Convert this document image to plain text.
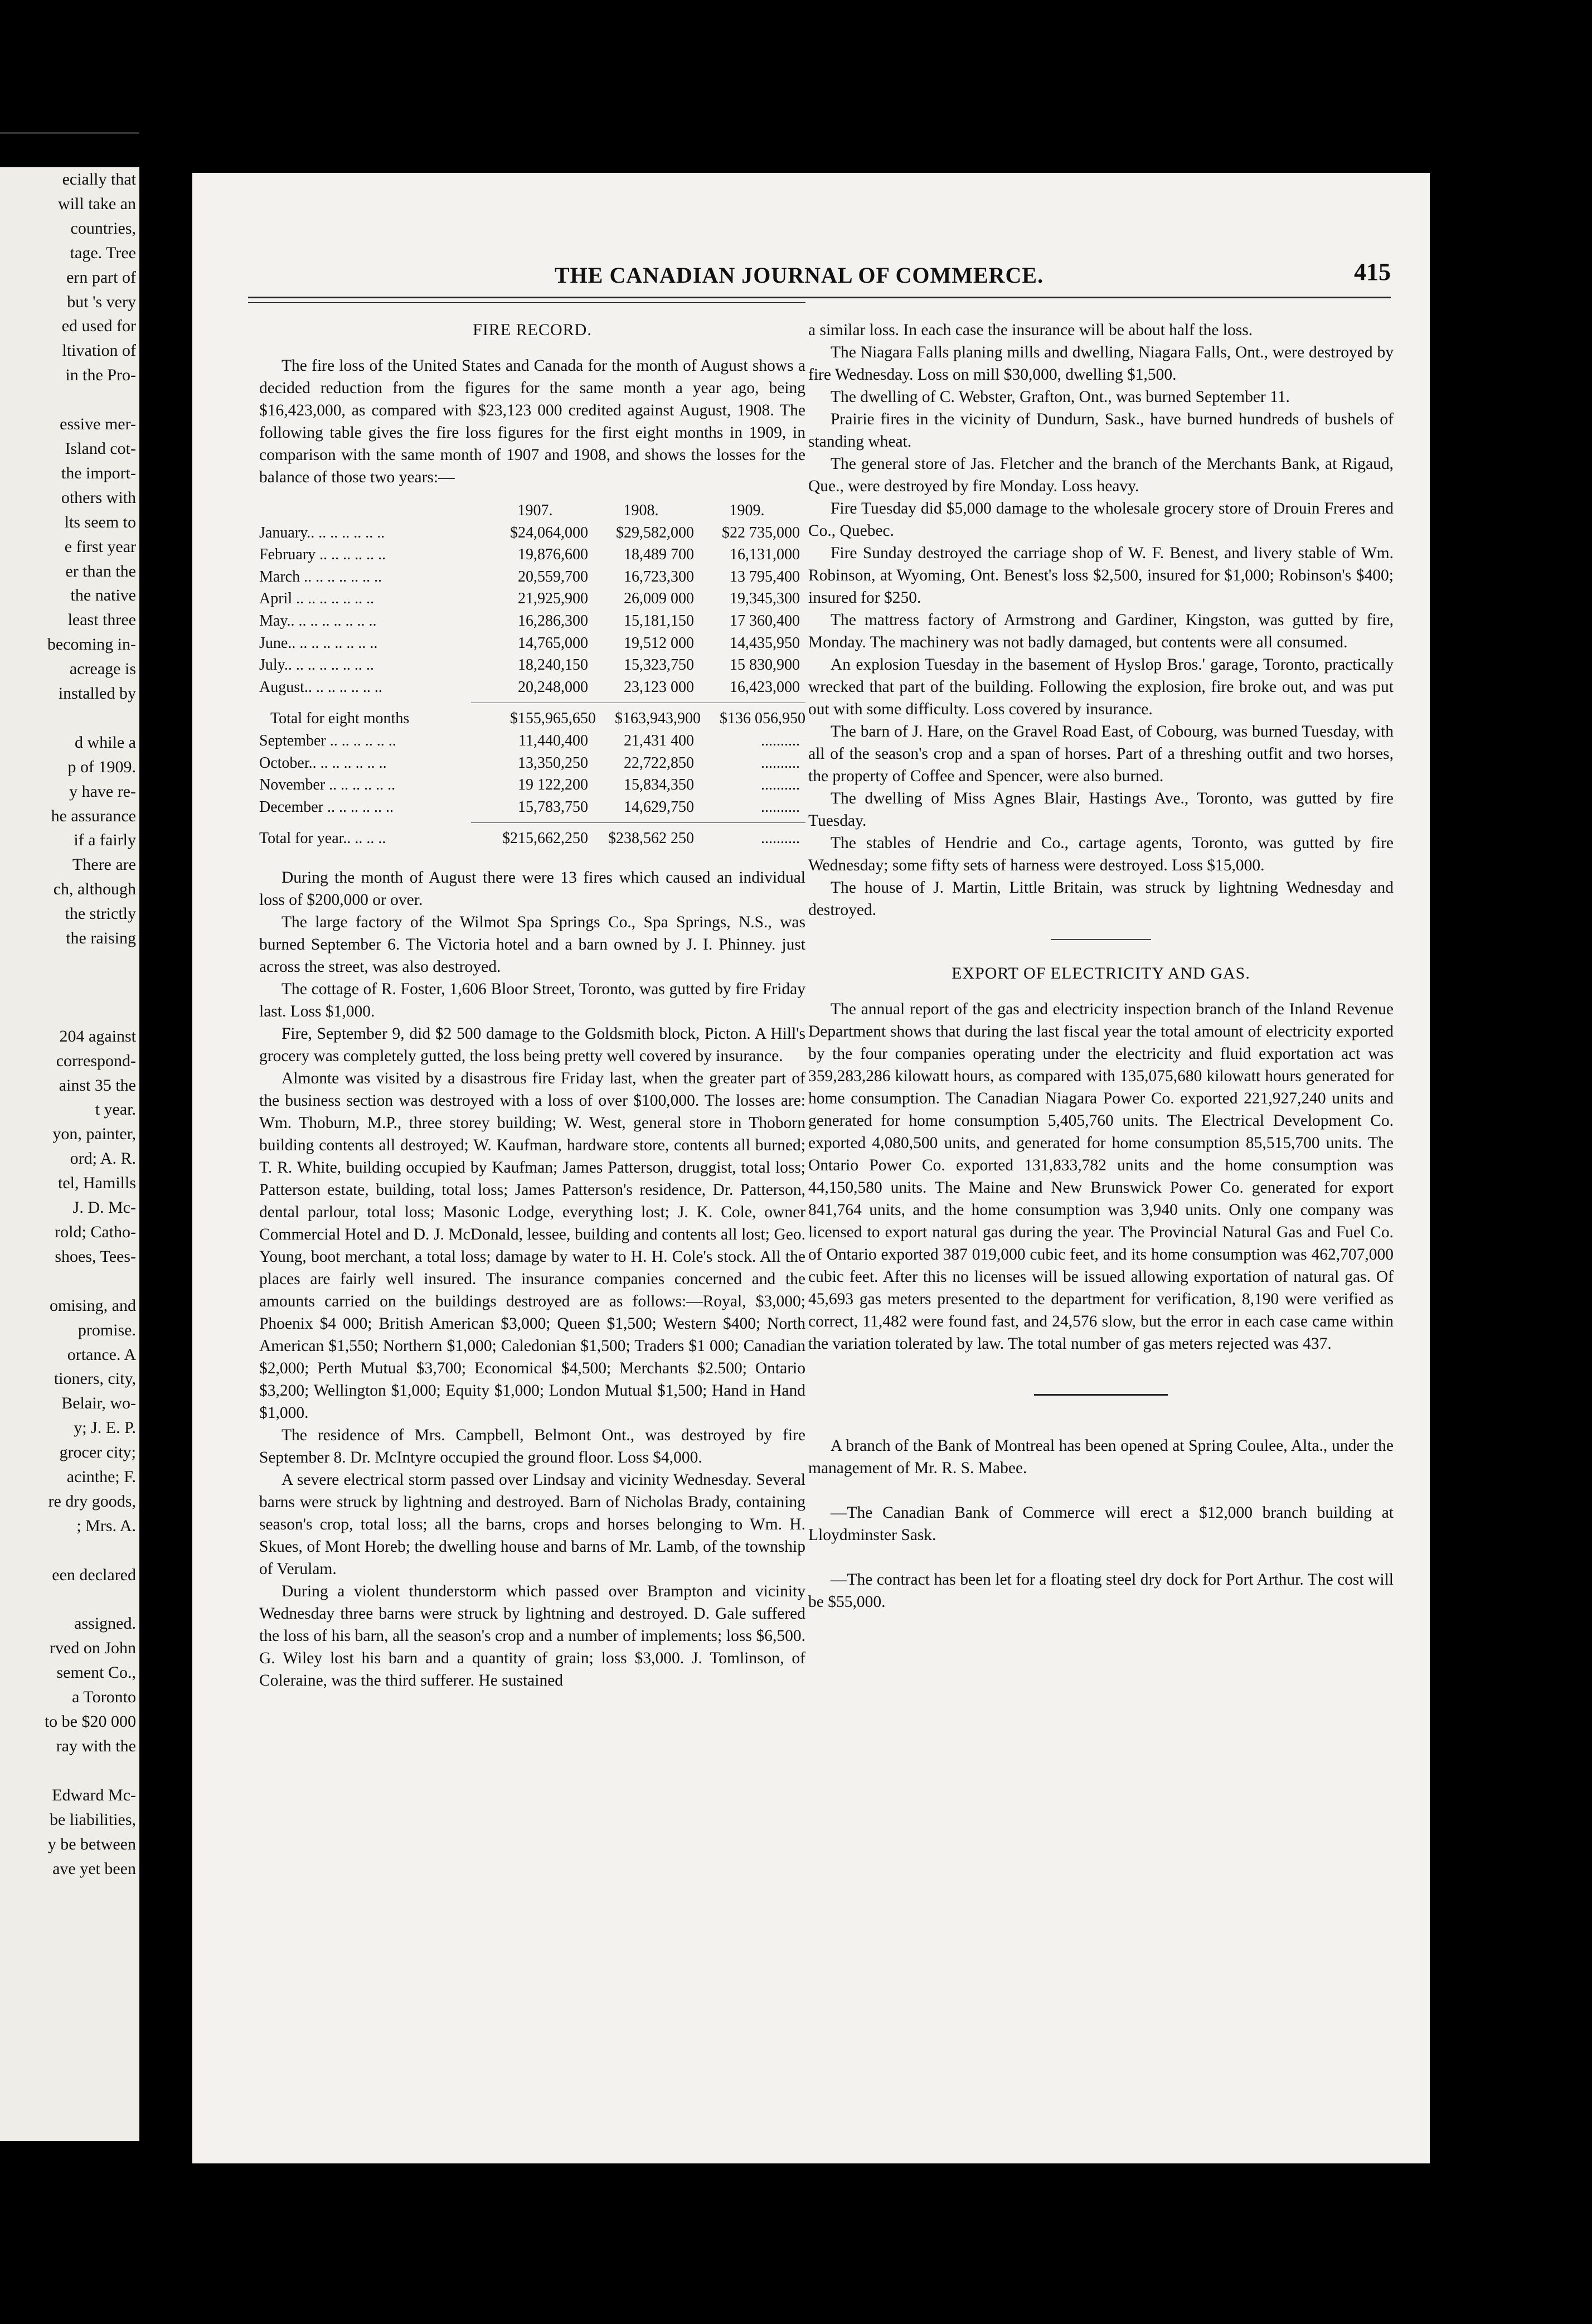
ecially that

will take an

countries,

tage. Tree

ern part of

but 's very

ed used for

ltivation of

in the Pro-

essive mer-

Island cot-

the import-

others with

lts seem to

e first year

er than the

the native

least three

becoming in-

acreage is

installed by

d while a

p of 1909.

y have re-

he assurance

if a fairly

There are

ch, although

the strictly

the raising

204 against

correspond-

ainst 35 the

t year.

yon, painter,

ord; A. R.

tel, Hamills

J. D. Mc-

rold; Catho-

shoes, Tees-

omising, and

promise.

ortance. A

tioners, city,

Belair, wo-

y; J. E. P.

grocer city;

acinthe; F.

re dry goods,

; Mrs. A.

een declared

assigned.

rved on John

sement Co.,

a Toronto

to be $20 000

ray with the

Edward Mc-

be liabilities,

y be between

ave yet been

THE CANADIAN JOURNAL OF COMMERCE.	415

FIRE RECORD.

The fire loss of the United States and Canada for the month of August shows a decided reduction from the figures for the same month a year ago, being $16,423,000, as compared with $23,123 000 credited against August, 1908. The following table gives the fire loss figures for the first eight months in 1909, in comparison with the same month of 1907 and 1908, and shows the losses for the balance of those two years:—

1907.	1908.	1909.
January.. .. .. .. .. .. ..	$24,064,000	$29,582,000	$22 735,000
February .. .. .. .. .. ..	19,876,600	18,489 700	16,131,000
March .. .. .. .. .. .. ..	20,559,700	16,723,300	13 795,400
April .. .. .. .. .. .. ..	21,925,900	26,009 000	19,345,300
May.. .. .. .. .. .. .. ..	16,286,300	15,181,150	17 360,400
June.. .. .. .. .. .. .. ..	14,765,000	19,512 000	14,435,950
July.. .. .. .. .. .. .. ..	18,240,150	15,323,750	15 830,900
August.. .. .. .. .. .. ..	20,248,000	23,123 000	16,423,000
Total for eight months	$155,965,650	$163,943,900	$136 056,950
September .. .. .. .. .. ..	11,440,400	21,431 400	..........
October.. .. .. .. .. .. ..	13,350,250	22,722,850	..........
November .. .. .. .. .. ..	19 122,200	15,834,350	..........
December .. .. .. .. .. ..	15,783,750	14,629,750	..........
Total for year.. .. .. ..	$215,662,250	$238,562 250	..........

During the month of August there were 13 fires which caused an individual loss of $200,000 or over.

The large factory of the Wilmot Spa Springs Co., Spa Springs, N.S., was burned September 6. The Victoria hotel and a barn owned by J. I. Phinney. just across the street, was also destroyed.

The cottage of R. Foster, 1,606 Bloor Street, Toronto, was gutted by fire Friday last. Loss $1,000.

Fire, September 9, did $2 500 damage to the Goldsmith block, Picton. A Hill's grocery was completely gutted, the loss being pretty well covered by insurance.

Almonte was visited by a disastrous fire Friday last, when the greater part of the business section was destroyed with a loss of over $100,000. The losses are: Wm. Thoburn, M.P., three storey building; W. West, general store in Thoborn building contents all destroyed; W. Kaufman, hardware store, contents all burned; T. R. White, building occupied by Kaufman; James Patterson, druggist, total loss; Patterson estate, building, total loss; James Patterson's residence, Dr. Patterson, dental parlour, total loss; Masonic Lodge, everything lost; J. K. Cole, owner Commercial Hotel and D. J. McDonald, lessee, building and contents all lost; Geo. Young, boot merchant, a total loss; damage by water to H. H. Cole's stock. All the places are fairly well insured. The insurance companies concerned and the amounts carried on the buildings destroyed are as follows:—Royal, $3,000; Phoenix $4 000; British American $3,000; Queen $1,500; Western $400; North American $1,550; Northern $1,000; Caledonian $1,500; Traders $1 000; Canadian $2,000; Perth Mutual $3,700; Economical $4,500; Merchants $2.500; Ontario $3,200; Wellington $1,000; Equity $1,000; London Mutual $1,500; Hand in Hand $1,000.

The residence of Mrs. Campbell, Belmont Ont., was destroyed by fire September 8. Dr. McIntyre occupied the ground floor. Loss $4,000.

A severe electrical storm passed over Lindsay and vicinity Wednesday. Several barns were struck by lightning and destroyed. Barn of Nicholas Brady, containing season's crop, total loss; all the barns, crops and horses belonging to Wm. H. Skues, of Mont Horeb; the dwelling house and barns of Mr. Lamb, of the township of Verulam.

During a violent thunderstorm which passed over Brampton and vicinity Wednesday three barns were struck by lightning and destroyed. D. Gale suffered the loss of his barn, all the season's crop and a number of implements; loss $6,500. G. Wiley lost his barn and a quantity of grain; loss $3,000. J. Tomlinson, of Coleraine, was the third sufferer. He sustained

a similar loss. In each case the insurance will be about half the loss.

The Niagara Falls planing mills and dwelling, Niagara Falls, Ont., were destroyed by fire Wednesday. Loss on mill $30,000, dwelling $1,500.

The dwelling of C. Webster, Grafton, Ont., was burned September 11.

Prairie fires in the vicinity of Dundurn, Sask., have burned hundreds of bushels of standing wheat.

The general store of Jas. Fletcher and the branch of the Merchants Bank, at Rigaud, Que., were destroyed by fire Monday. Loss heavy.

Fire Tuesday did $5,000 damage to the wholesale grocery store of Drouin Freres and Co., Quebec.

Fire Sunday destroyed the carriage shop of W. F. Benest, and livery stable of Wm. Robinson, at Wyoming, Ont. Benest's loss $2,500, insured for $1,000; Robinson's $400; insured for $250.

The mattress factory of Armstrong and Gardiner, Kingston, was gutted by fire, Monday. The machinery was not badly damaged, but contents were all consumed.

An explosion Tuesday in the basement of Hyslop Bros.' garage, Toronto, practically wrecked that part of the building. Following the explosion, fire broke out, and was put out with some difficulty. Loss covered by insurance.

The barn of J. Hare, on the Gravel Road East, of Cobourg, was burned Tuesday, with all of the season's crop and a span of horses. Part of a threshing outfit and two horses, the property of Coffee and Spencer, were also burned.

The dwelling of Miss Agnes Blair, Hastings Ave., Toronto, was gutted by fire Tuesday.

The stables of Hendrie and Co., cartage agents, Toronto, was gutted by fire Wednesday; some fifty sets of harness were destroyed. Loss $15,000.

The house of J. Martin, Little Britain, was struck by lightning Wednesday and destroyed.

EXPORT OF ELECTRICITY AND GAS.

The annual report of the gas and electricity inspection branch of the Inland Revenue Department shows that during the last fiscal year the total amount of electricity exported by the four companies operating under the electricity and fluid exportation act was 359,283,286 kilowatt hours, as compared with 135,075,680 kilowatt hours generated for home consumption. The Canadian Niagara Power Co. exported 221,927,240 units and generated for home consumption 5,405,760 units. The Electrical Development Co. exported 4,080,500 units, and generated for home consumption 85,515,700 units. The Ontario Power Co. exported 131,833,782 units and the home consumption was 44,150,580 units. The Maine and New Brunswick Power Co. generated for export 841,764 units, and the home consumption was 3,940 units. Only one company was licensed to export natural gas during the year. The Provincial Natural Gas and Fuel Co. of Ontario exported 387 019,000 cubic feet, and its home consumption was 462,707,000 cubic feet. After this no licenses will be issued allowing exportation of natural gas. Of 45,693 gas meters presented to the department for verification, 8,190 were verified as correct, 11,482 were found fast, and 24,576 slow, but the error in each case came within the variation tolerated by law. The total number of gas meters rejected was 437.

A branch of the Bank of Montreal has been opened at Spring Coulee, Alta., under the management of Mr. R. S. Mabee.

—The Canadian Bank of Commerce will erect a $12,000 branch building at Lloydminster Sask.

—The contract has been let for a floating steel dry dock for Port Arthur. The cost will be $55,000.
